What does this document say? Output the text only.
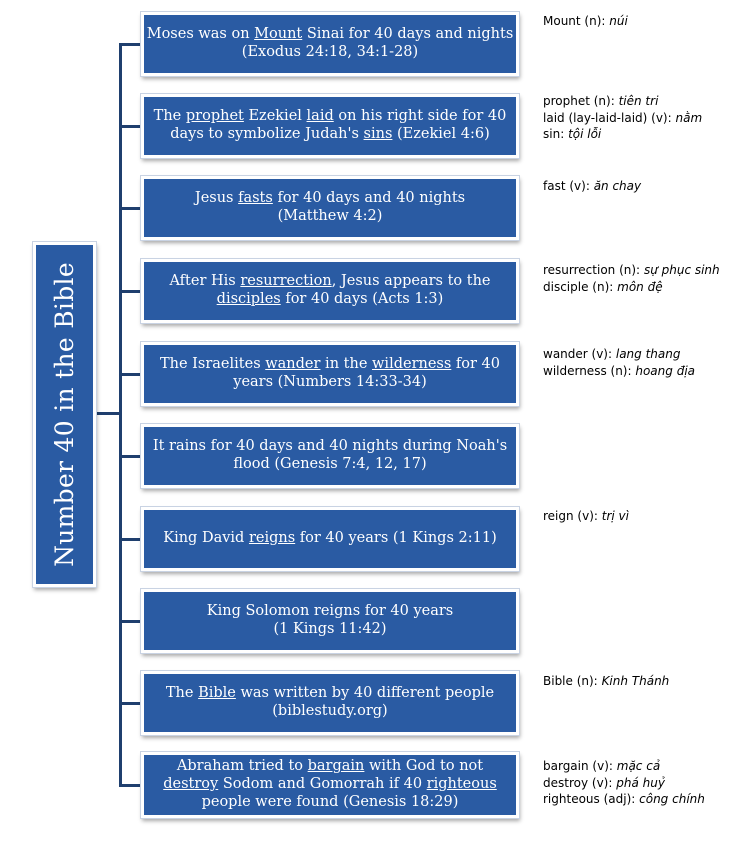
Number 40 in the Bible
Moses was on Mount Sinai for 40 days and nights
(Exodus 24:18, 34:1-28)
Mount (n): núi
The prophet Ezekiel laid on his right side for 40
days to symbolize Judah's sins (Ezekiel 4:6)
prophet (n): tiên tri
laid (lay-laid-laid) (v): nằm
sin: tội lỗi
Jesus fasts for 40 days and 40 nights
(Matthew 4:2)
fast (v): ăn chay
After His resurrection, Jesus appears to the
disciples for 40 days (Acts 1:3)
resurrection (n): sự phục sinh
disciple (n): môn đệ
The Israelites wander in the wilderness for 40
years (Numbers 14:33-34)
wander (v): lang thang
wilderness (n): hoang địa
It rains for 40 days and 40 nights during Noah's
flood (Genesis 7:4, 12, 17)
King David reigns for 40 years (1 Kings 2:11)
reign (v): trị vì
King Solomon reigns for 40 years
(1 Kings 11:42)
The Bible was written by 40 different people
(biblestudy.org)
Bible (n): Kinh Thánh
Abraham tried to bargain with God to not
destroy Sodom and Gomorrah if 40 righteous
people were found (Genesis 18:29)
bargain (v): mặc cả
destroy (v): phá huỷ
righteous (adj): công chính
